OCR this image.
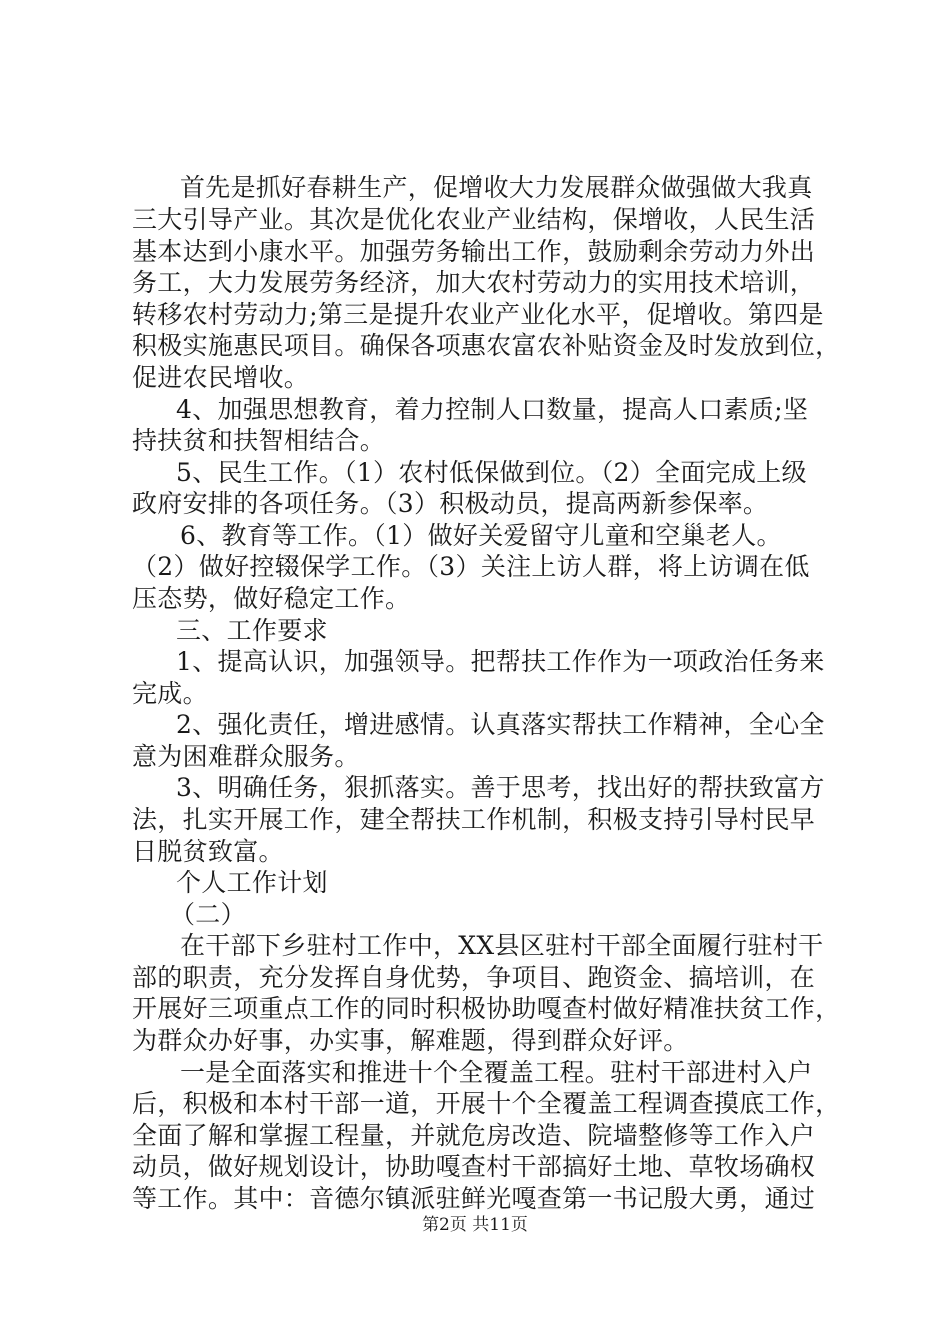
首先是抓好春耕生产，促增收大力发展群众做强做大我真
三大引导产业。其次是优化农业产业结构，保增收，人民生活
基本达到小康水平。加强劳务输出工作，鼓励剩余劳动力外出
务工，大力发展劳务经济，加大农村劳动力的实用技术培训，
转移农村劳动力;第三是提升农业产业化水平，促增收。第四是
积极实施惠民项目。确保各项惠农富农补贴资金及时发放到位，
促进农民增收。
4、加强思想教育，着力控制人口数量，提高人口素质;坚
持扶贫和扶智相结合。
5、民生工作。（1）农村低保做到位。（2）全面完成上级
政府安排的各项任务。（3）积极动员，提高两新参保率。
6、教育等工作。（1）做好关爱留守儿童和空巢老人。
（2）做好控辍保学工作。（3）关注上访人群，将上访调在低
压态势，做好稳定工作。
三、工作要求
1、提高认识，加强领导。把帮扶工作作为一项政治任务来
完成。
2、强化责任，增进感情。认真落实帮扶工作精神，全心全
意为困难群众服务。
3、明确任务，狠抓落实。善于思考，找出好的帮扶致富方
法，扎实开展工作，建全帮扶工作机制，积极支持引导村民早
日脱贫致富。
个人工作计划
（二）
在干部下乡驻村工作中，XX县区驻村干部全面履行驻村干
部的职责，充分发挥自身优势，争项目、跑资金、搞培训，在
开展好三项重点工作的同时积极协助嘎查村做好精准扶贫工作，
为群众办好事，办实事，解难题，得到群众好评。
一是全面落实和推进十个全覆盖工程。驻村干部进村入户
后，积极和本村干部一道，开展十个全覆盖工程调查摸底工作，
全面了解和掌握工程量，并就危房改造、院墙整修等工作入户
动员，做好规划设计，协助嘎查村干部搞好土地、草牧场确权
等工作。其中：音德尔镇派驻鲜光嘎查第一书记殷大勇，通过
第2页 共11页
